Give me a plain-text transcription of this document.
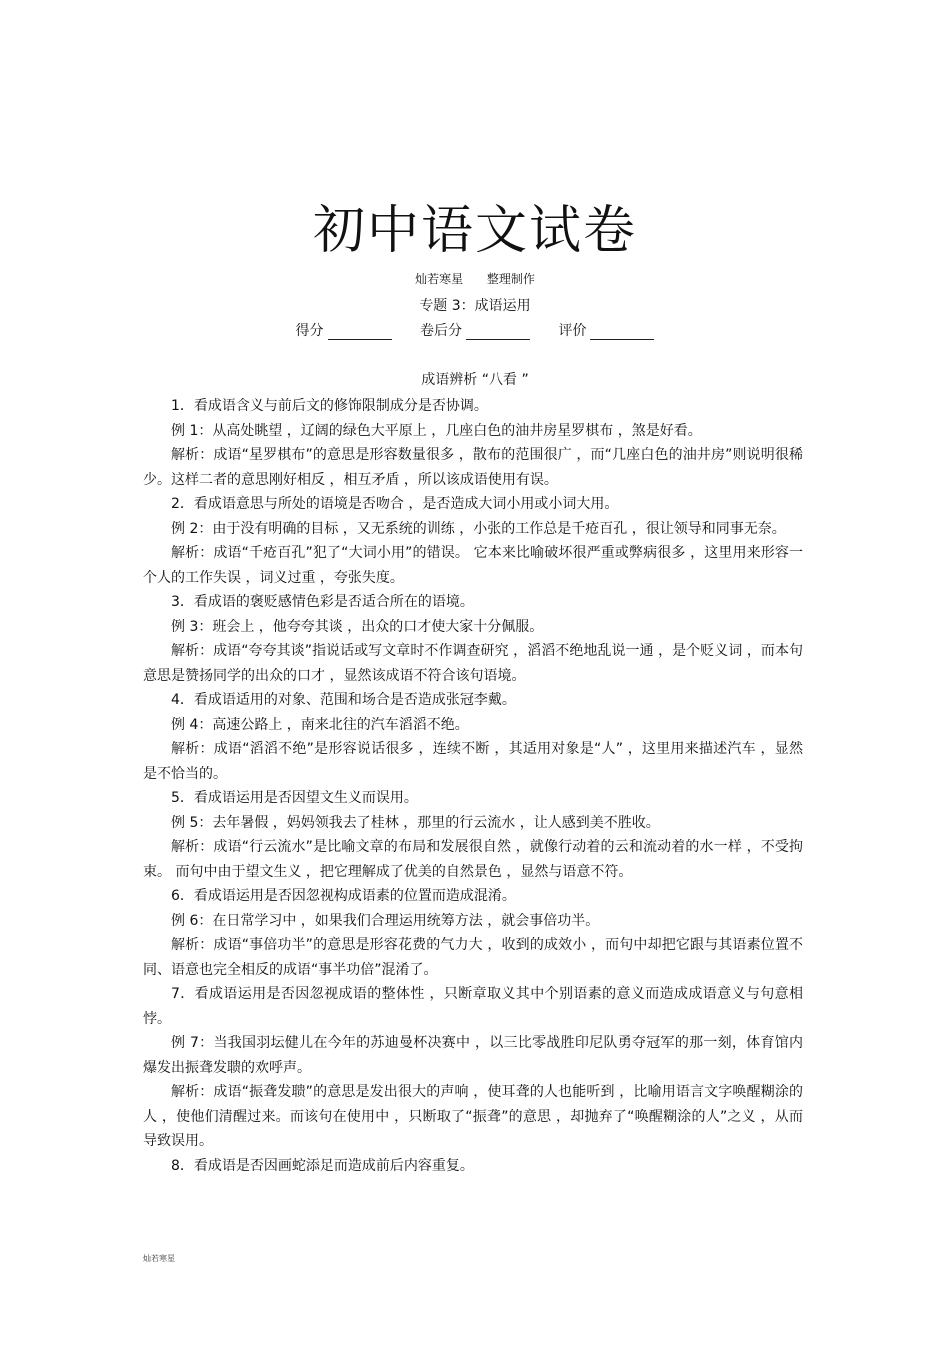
初中语文试卷
灿若寒星 整理制作
专题 3：成语运用
得分	卷后分	评价
成语辨析 “八看 ”

1．看成语含义与前后文的修饰限制成分是否协调。

例 1：从高处眺望 ，辽阔的绿色大平原上 ，几座白色的油井房星罗棋布 ，煞是好看。

解析：成语“星罗棋布”的意思是形容数量很多 ，散布的范围很广 ，而“几座白色的油井房”则说明很稀少。这样二者的意思刚好相反 ，相互矛盾 ，所以该成语使用有误。

2．看成语意思与所处的语境是否吻合 ，是否造成大词小用或小词大用。

例 2：由于没有明确的目标 ，又无系统的训练 ，小张的工作总是千疮百孔 ，很让领导和同事无奈。

解析：成语“千疮百孔”犯了“大词小用”的错误。 它本来比喻破坏很严重或弊病很多 ，这里用来形容一个人的工作失误 ，词义过重 ，夸张失度。

3．看成语的褒贬感情色彩是否适合所在的语境。

例 3：班会上 ，他夸夸其谈 ，出众的口才使大家十分佩服。

解析：成语“夸夸其谈”指说话或写文章时不作调查研究 ，滔滔不绝地乱说一通 ，是个贬义词 ，而本句意思是赞扬同学的出众的口才 ，显然该成语不符合该句语境。

4．看成语适用的对象、范围和场合是否造成张冠李戴。

例 4：高速公路上 ，南来北往的汽车滔滔不绝。

解析：成语“滔滔不绝”是形容说话很多 ，连续不断 ，其适用对象是“人” ，这里用来描述汽车 ，显然是不恰当的。

5．看成语运用是否因望文生义而误用。

例 5：去年暑假 ，妈妈领我去了桂林 ，那里的行云流水 ，让人感到美不胜收。

解析：成语“行云流水”是比喻文章的布局和发展很自然 ，就像行动着的云和流动着的水一样 ，不受拘束。 而句中由于望文生义 ，把它理解成了优美的自然景色 ，显然与语意不符。

6．看成语运用是否因忽视构成语素的位置而造成混淆。

例 6：在日常学习中 ，如果我们合理运用统筹方法 ，就会事倍功半。

解析：成语“事倍功半”的意思是形容花费的气力大 ，收到的成效小 ，而句中却把它跟与其语素位置不同、语意也完全相反的成语“事半功倍”混淆了。

7．看成语运用是否因忽视成语的整体性 ，只断章取义其中个别语素的意义而造成成语意义与句意相悖。

例 7：当我国羽坛健儿在今年的苏迪曼杯决赛中 ，以三比零战胜印尼队勇夺冠军的那一刻，体育馆内爆发出振聋发聩的欢呼声。

解析：成语“振聋发聩”的意思是发出很大的声响 ，使耳聋的人也能听到 ，比喻用语言文字唤醒糊涂的人 ，使他们清醒过来。而该句在使用中 ，只断取了“振聋”的意思 ，却抛弃了“唤醒糊涂的人”之义 ，从而导致误用。

8．看成语是否因画蛇添足而造成前后内容重复。

灿若寒星
